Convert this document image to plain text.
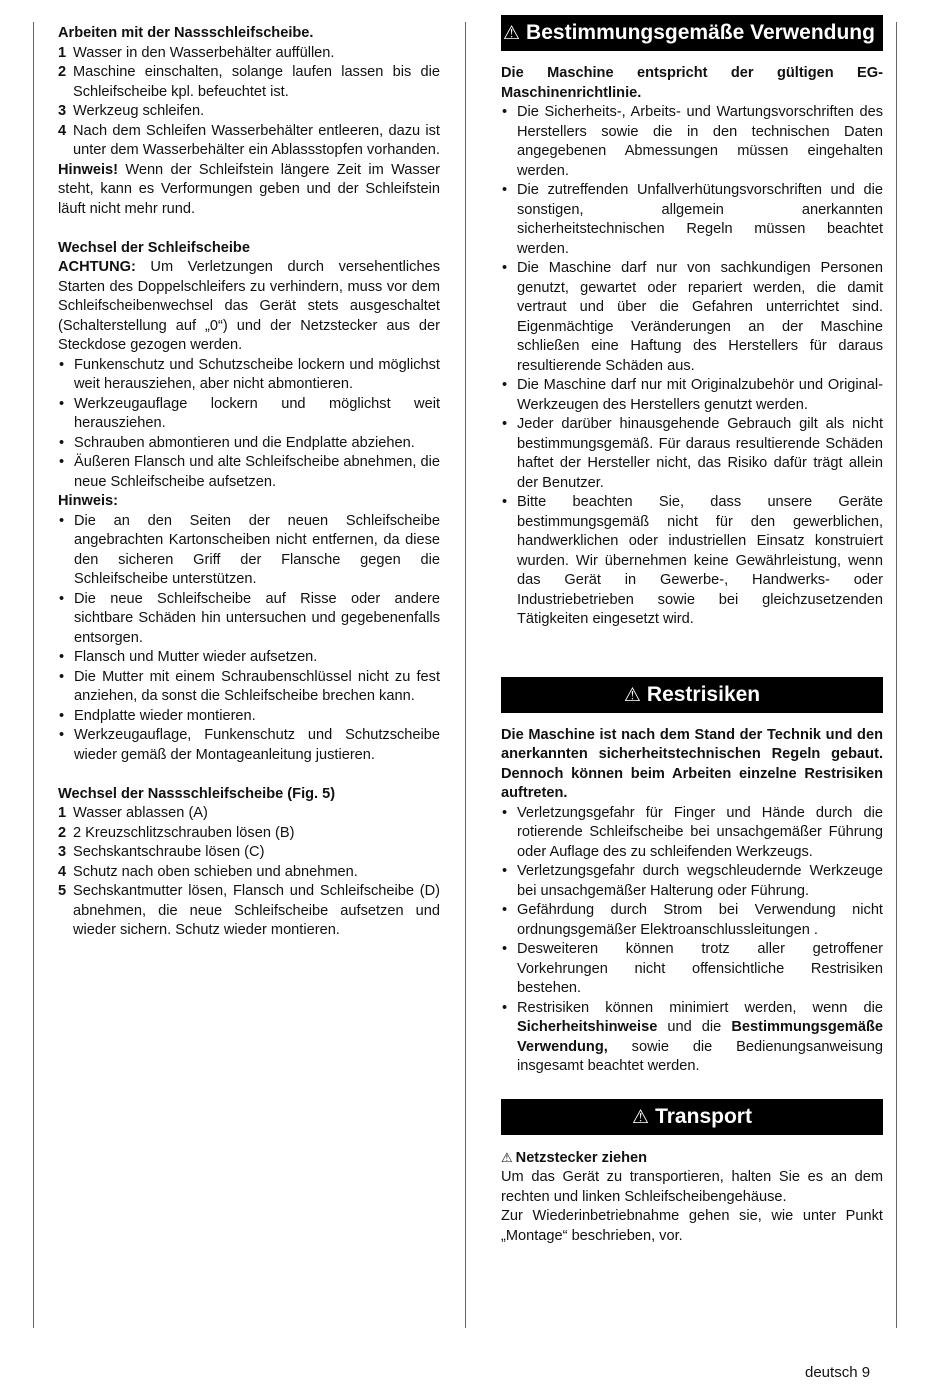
Arbeiten mit der Nassschleifscheibe.

1 Wasser in den Wasserbehälter auffüllen.
2 Maschine einschalten, solange laufen lassen bis die Schleifscheibe kpl. befeuchtet ist.
3 Werkzeug schleifen.
4 Nach dem Schleifen Wasserbehälter entleeren, dazu ist unter dem Wasserbehälter ein Ablassstopfen vorhanden.

Hinweis! Wenn der Schleifstein längere Zeit im Wasser steht, kann es Verformungen geben und der Schleifstein läuft nicht mehr rund.

Wechsel der Schleifscheibe

ACHTUNG: Um Verletzungen durch versehentliches Starten des Doppelschleifers zu verhindern, muss vor dem Schleifscheibenwechsel das Gerät stets ausgeschaltet (Schalterstellung auf „0“) und der Netzstecker aus der Steckdose gezogen werden.

• Funkenschutz und Schutzscheibe lockern und möglichst weit herausziehen, aber nicht abmontieren.
• Werkzeugauflage lockern und möglichst weit herausziehen.
• Schrauben abmontieren und die Endplatte abziehen.
• Äußeren Flansch und alte Schleifscheibe abnehmen, die neue Schleifscheibe aufsetzen.

Hinweis:

• Die an den Seiten der neuen Schleifscheibe angebrachten Kartonscheiben nicht entfernen, da diese den sicheren Griff der Flansche gegen die Schleifscheibe unterstützen.
• Die neue Schleifscheibe auf Risse oder andere sichtbare Schäden hin untersuchen und gegebenenfalls entsorgen.
• Flansch und Mutter wieder aufsetzen.
• Die Mutter mit einem Schraubenschlüssel nicht zu fest anziehen, da sonst die Schleifscheibe brechen kann.
• Endplatte wieder montieren.
• Werkzeugauflage, Funkenschutz und Schutzscheibe wieder gemäß der Montageanleitung justieren.

Wechsel der Nassschleifscheibe (Fig. 5)

1 Wasser ablassen (A)
2 2 Kreuzschlitzschrauben lösen (B)
3 Sechskantschraube lösen (C)
4 Schutz nach oben schieben und abnehmen.
5 Sechskantmutter lösen, Flansch und Schleifscheibe (D) abnehmen, die neue Schleifscheibe aufsetzen und wieder sichern. Schutz wieder montieren.
⚠ Bestimmungsgemäße Verwendung

Die Maschine entspricht der gültigen EG-Maschinenrichtlinie.

• Die Sicherheits-, Arbeits- und Wartungsvorschriften des Herstellers sowie die in den technischen Daten angegebenen Abmessungen müssen eingehalten werden.
• Die zutreffenden Unfallverhütungsvorschriften und die sonstigen, allgemein anerkannten sicherheitstechnischen Regeln müssen beachtet werden.
• Die Maschine darf nur von sachkundigen Personen genutzt, gewartet oder repariert werden, die damit vertraut und über die Gefahren unterrichtet sind. Eigenmächtige Veränderungen an der Maschine schließen eine Haftung des Herstellers für daraus resultierende Schäden aus.
• Die Maschine darf nur mit Originalzubehör und Original- Werkzeugen des Herstellers genutzt werden.
• Jeder darüber hinausgehende Gebrauch gilt als nicht bestimmungsgemäß. Für daraus resultierende Schäden haftet der Hersteller nicht, das Risiko dafür trägt allein der Benutzer.
• Bitte beachten Sie, dass unsere Geräte bestimmungsgemäß nicht für den gewerblichen, handwerklichen oder industriellen Einsatz konstruiert wurden. Wir übernehmen keine Gewährleistung, wenn das Gerät in Gewerbe-, Handwerks- oder Industriebetrieben sowie bei gleichzusetzenden Tätigkeiten eingesetzt wird.
⚠ Restrisiken

Die Maschine ist nach dem Stand der Technik und den anerkannten sicherheitstechnischen Regeln gebaut. Dennoch können beim Arbeiten einzelne Restrisiken auftreten.

• Verletzungsgefahr für Finger und Hände durch die rotierende Schleifscheibe bei unsachgemäßer Führung oder Auflage des zu schleifenden Werkzeugs.
• Verletzungsgefahr durch wegschleudernde Werkzeuge bei unsachgemäßer Halterung oder Führung.
• Gefährdung durch Strom bei Verwendung nicht ordnungsgemäßer Elektroanschlussleitungen .
• Desweiteren können trotz aller getroffener Vorkehrungen nicht offensichtliche Restrisiken bestehen.
• Restrisiken können minimiert werden, wenn die Sicherheitshinweise und die Bestimmungsgemäße Verwendung, sowie die Bedienungsanweisung insgesamt beachtet werden.
⚠ Transport

⚠ Netzstecker ziehen

Um das Gerät zu transportieren, halten Sie es an dem rechten und linken Schleifscheibengehäuse.

Zur Wiederinbetriebnahme gehen sie, wie unter Punkt „Montage“ beschrieben, vor.

deutsch 9
